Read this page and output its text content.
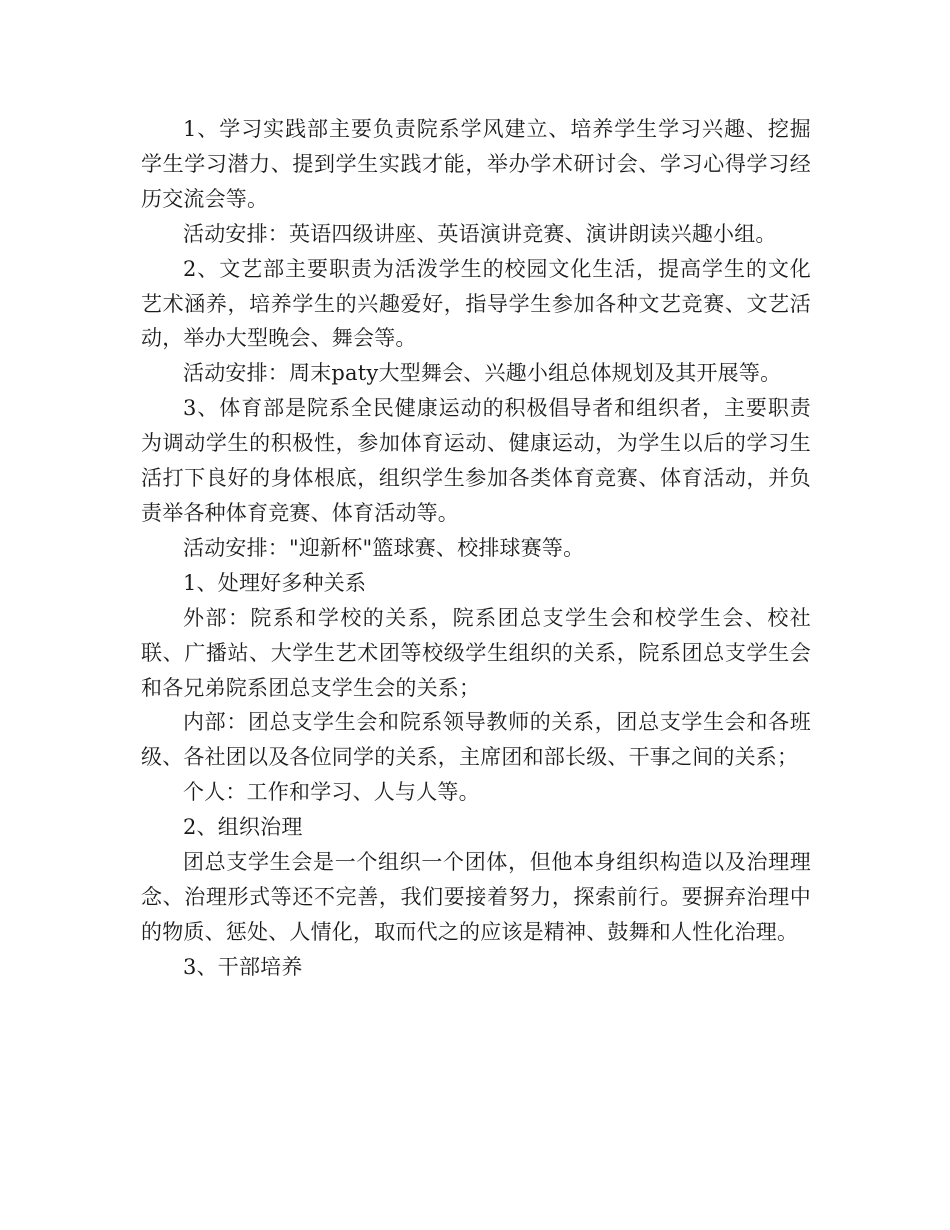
1、学习实践部主要负责院系学风建立、培养学生学习兴趣、挖掘学生学习潜力、提到学生实践才能，举办学术研讨会、学习心得学习经历交流会等。

活动安排：英语四级讲座、英语演讲竞赛、演讲朗读兴趣小组。

2、文艺部主要职责为活泼学生的校园文化生活，提高学生的文化艺术涵养，培养学生的兴趣爱好，指导学生参加各种文艺竞赛、文艺活动，举办大型晚会、舞会等。

活动安排：周末paty大型舞会、兴趣小组总体规划及其开展等。

3、体育部是院系全民健康运动的积极倡导者和组织者，主要职责为调动学生的积极性，参加体育运动、健康运动，为学生以后的学习生活打下良好的身体根底，组织学生参加各类体育竞赛、体育活动，并负责举各种体育竞赛、体育活动等。

活动安排："迎新杯"篮球赛、校排球赛等。

1、处理好多种关系

外部：院系和学校的关系，院系团总支学生会和校学生会、校社联、广播站、大学生艺术团等校级学生组织的关系，院系团总支学生会和各兄弟院系团总支学生会的关系；

内部：团总支学生会和院系领导教师的关系，团总支学生会和各班级、各社团以及各位同学的关系，主席团和部长级、干事之间的关系；

个人：工作和学习、人与人等。

2、组织治理

团总支学生会是一个组织一个团体，但他本身组织构造以及治理理念、治理形式等还不完善，我们要接着努力，探索前行。要摒弃治理中的物质、惩处、人情化，取而代之的应该是精神、鼓舞和人性化治理。

3、干部培养
